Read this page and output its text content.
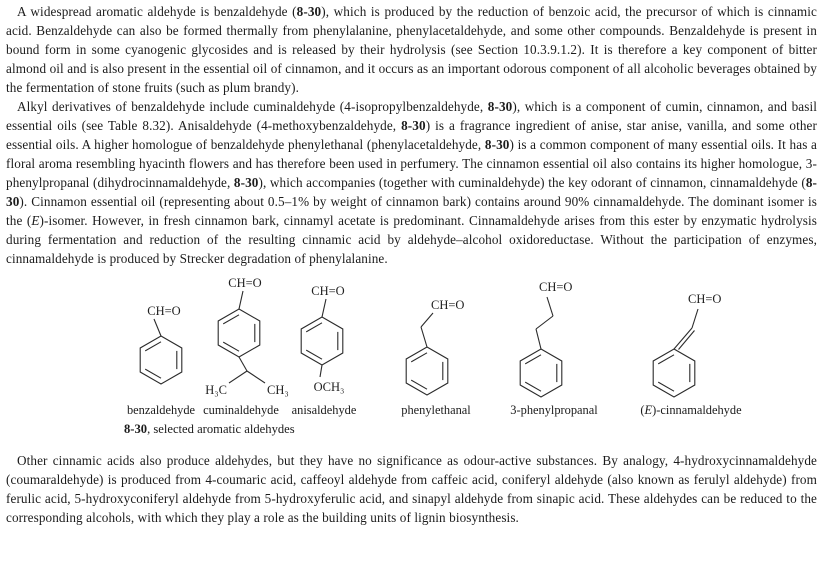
A widespread aromatic aldehyde is benzaldehyde (8-30), which is produced by the reduction of benzoic acid, the precursor of which is cinnamic acid. Benzaldehyde can also be formed thermally from phenylalanine, phenylacetaldehyde, and some other compounds. Benzaldehyde is present in bound form in some cyanogenic glycosides and is released by their hydrolysis (see Section 10.3.9.1.2). It is therefore a key component of bitter almond oil and is also present in the essential oil of cinnamon, and it occurs as an important odorous component of all alcoholic beverages obtained by the fermentation of stone fruits (such as plum brandy).

Alkyl derivatives of benzaldehyde include cuminaldehyde (4-isopropylbenzaldehyde, 8-30), which is a component of cumin, cinnamon, and basil essential oils (see Table 8.32). Anisaldehyde (4-methoxybenzaldehyde, 8-30) is a fragrance ingredient of anise, star anise, vanilla, and some other essential oils. A higher homologue of benzaldehyde phenylethanal (phenylacetaldehyde, 8-30) is a common component of many essential oils. It has a floral aroma resembling hyacinth flowers and has therefore been used in perfumery. The cinnamon essential oil also contains its higher homologue, 3-phenylpropanal (dihydrocinnamaldehyde, 8-30), which accompanies (together with cuminaldehyde) the key odorant of cinnamon, cinnamaldehyde (8-30). Cinnamon essential oil (representing about 0.5–1% by weight of cinnamon bark) contains around 90% cinnamaldehyde. The dominant isomer is the (E)-isomer. However, in fresh cinnamon bark, cinnamyl acetate is predominant. Cinnamaldehyde arises from this ester by enzymatic hydrolysis during fermentation and reduction of the resulting cinnamic acid by aldehyde–alcohol oxidoreductase. Without the participation of enzymes, cinnamaldehyde is produced by Strecker degradation of phenylalanine.

CH=O
benzaldehyde
CH=O
H₃C	CH₃
cuminaldehyde
CH=O
OCH₃
anisaldehyde
CH=O
phenylethanal
CH=O
3-phenylpropanal
CH=O
(E)-cinnamaldehyde
8-30, selected aromatic aldehydes

Other cinnamic acids also produce aldehydes, but they have no significance as odour-active substances. By analogy, 4-hydroxycinnamaldehyde (coumaraldehyde) is produced from 4-coumaric acid, caffeoyl aldehyde from caffeic acid, coniferyl aldehyde (also known as ferulyl aldehyde) from ferulic acid, 5-hydroxyconiferyl aldehyde from 5-hydroxyferulic acid, and sinapyl aldehyde from sinapic acid. These aldehydes can be reduced to the corresponding alcohols, with which they play a role as the building units of lignin biosynthesis.
